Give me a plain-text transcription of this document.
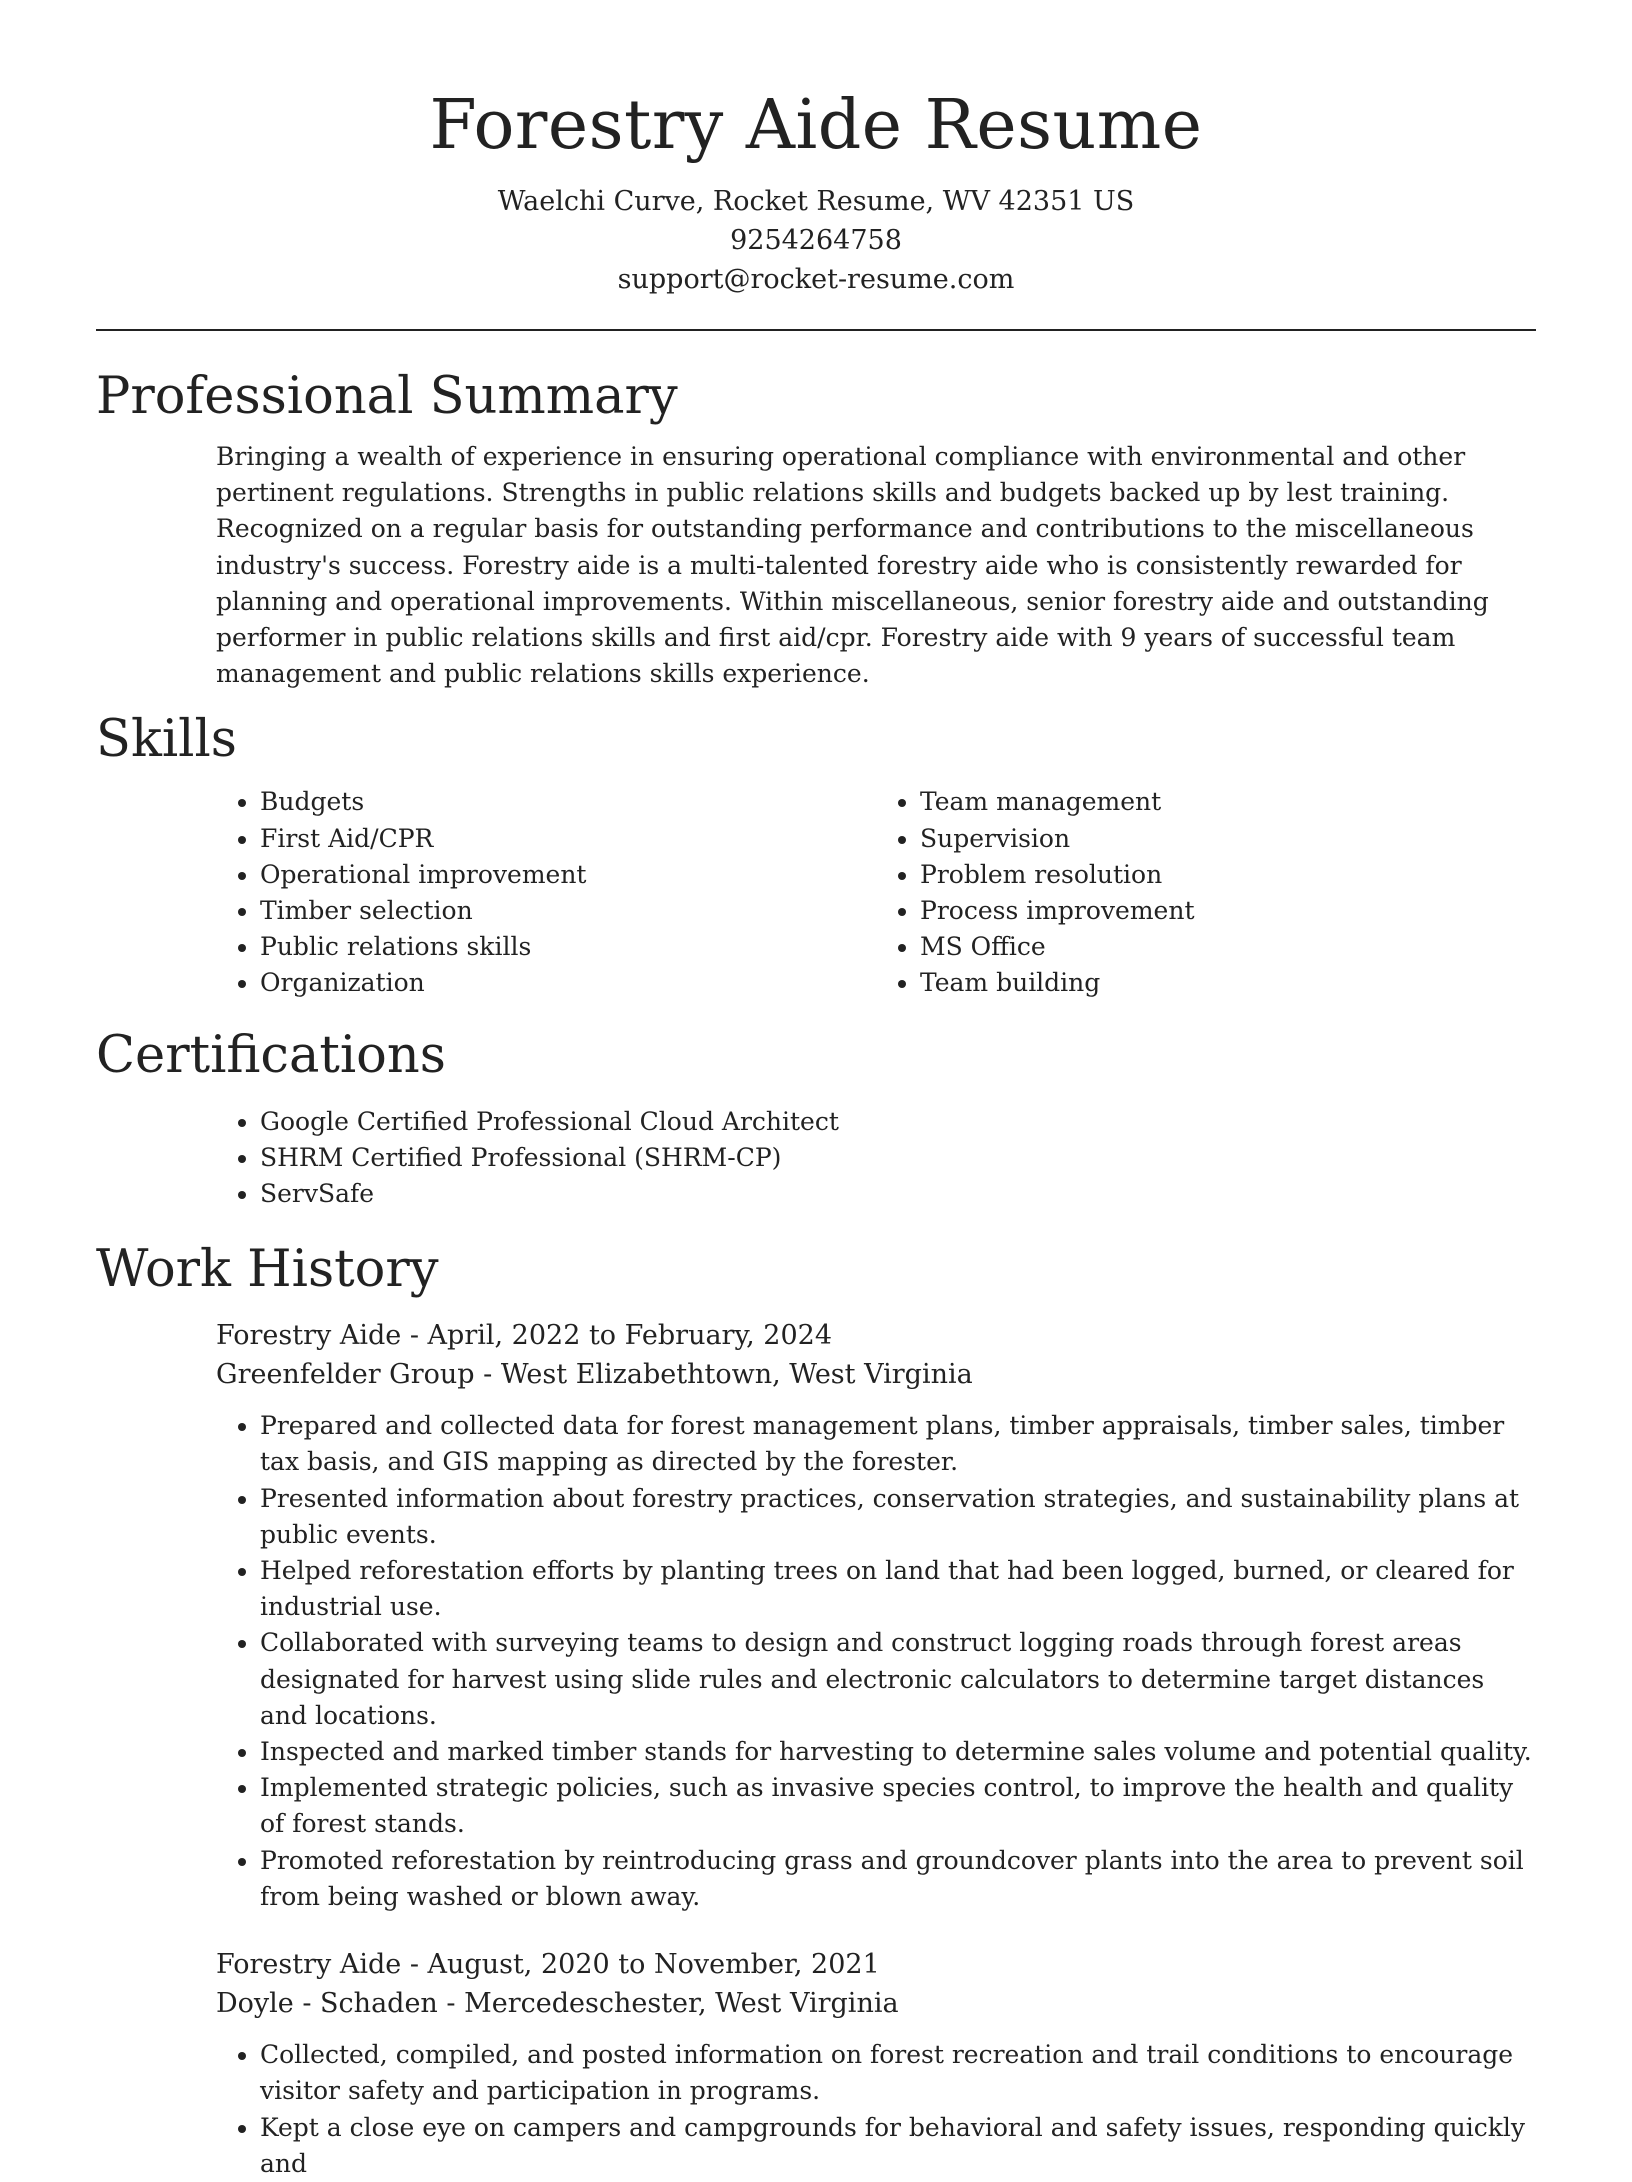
Forestry Aide Resume
Waelchi Curve, Rocket Resume, WV 42351 US
9254264758
support@rocket-resume.com
Professional Summary

Bringing a wealth of experience in ensuring operational compliance with environmental and other pertinent regulations. Strengths in public relations skills and budgets backed up by lest training. Recognized on a regular basis for outstanding performance and contributions to the miscellaneous industry's success. Forestry aide is a multi-talented forestry aide who is consistently rewarded for planning and operational improvements. Within miscellaneous, senior forestry aide and outstanding performer in public relations skills and first aid/cpr. Forestry aide with 9 years of successful team management and public relations skills experience.

Skills
• Budgets
• First Aid/CPR
• Operational improvement
• Timber selection
• Public relations skills
• Organization
• Team management
• Supervision
• Problem resolution
• Process improvement
• MS Office
• Team building
Certifications
• Google Certified Professional Cloud Architect
• SHRM Certified Professional (SHRM-CP)
• ServSafe
Work History
Forestry Aide - April, 2022 to February, 2024
Greenfelder Group - West Elizabethtown, West Virginia
• Prepared and collected data for forest management plans, timber appraisals, timber sales, timber tax basis, and GIS mapping as directed by the forester.
• Presented information about forestry practices, conservation strategies, and sustainability plans at public events.
• Helped reforestation efforts by planting trees on land that had been logged, burned, or cleared for industrial use.
• Collaborated with surveying teams to design and construct logging roads through forest areas designated for harvest using slide rules and electronic calculators to determine target distances and locations.
• Inspected and marked timber stands for harvesting to determine sales volume and potential quality.
• Implemented strategic policies, such as invasive species control, to improve the health and quality of forest stands.
• Promoted reforestation by reintroducing grass and groundcover plants into the area to prevent soil from being washed or blown away.
Forestry Aide - August, 2020 to November, 2021
Doyle - Schaden - Mercedeschester, West Virginia
• Collected, compiled, and posted information on forest recreation and trail conditions to encourage visitor safety and participation in programs.
• Kept a close eye on campers and campgrounds for behavioral and safety issues, responding quickly and
